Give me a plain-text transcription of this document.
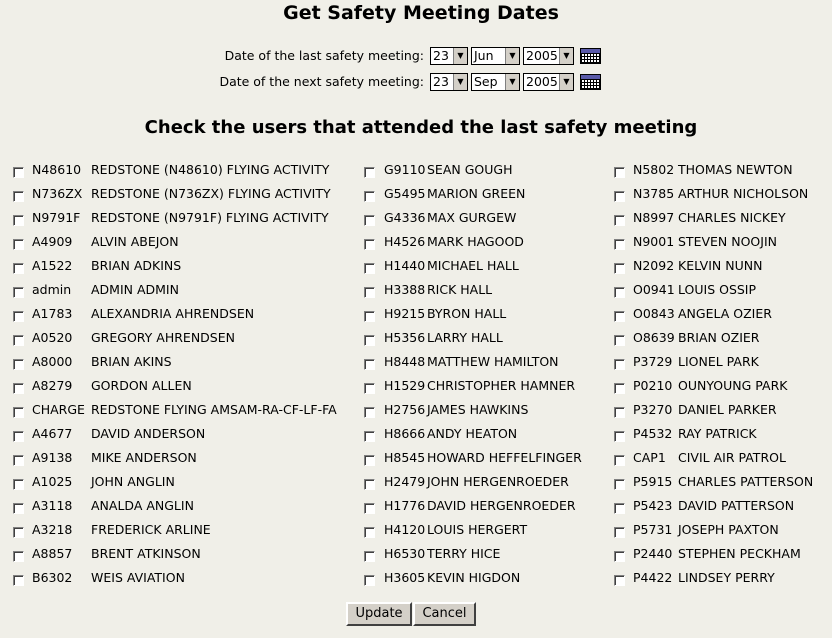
Get Safety Meeting Dates
Date of the last safety meeting: 23	▼ Jun	▼ 2005 ▼
Date of the next safety meeting: 23	▼ Sep	▼ 2005 ▼
Check the users that attended the last safety meeting
N48610 REDSTONE (N48610) FLYING ACTIVITY
N736ZX REDSTONE (N736ZX) FLYING ACTIVITY
N9791F REDSTONE (N9791F) FLYING ACTIVITY
A4909 ALVIN ABEJON
A1522 BRIAN ADKINS
admin ADMIN ADMIN
A1783 ALEXANDRIA AHRENDSEN
A0520 GREGORY AHRENDSEN
A8000 BRIAN AKINS
A8279 GORDON ALLEN
CHARGE REDSTONE FLYING AMSAM-RA-CF-LF-FA
A4677 DAVID ANDERSON
A9138 MIKE ANDERSON
A1025 JOHN ANGLIN
A3118 ANALDA ANGLIN
A3218 FREDERICK ARLINE
A8857 BRENT ATKINSON
B6302 WEIS AVIATION
G9110 SEAN GOUGH
G5495 MARION GREEN
G4336 MAX GURGEW
H4526 MARK HAGOOD
H1440 MICHAEL HALL
H3388 RICK HALL
H9215 BYRON HALL
H5356 LARRY HALL
H8448 MATTHEW HAMILTON
H1529 CHRISTOPHER HAMNER
H2756 JAMES HAWKINS
H8666 ANDY HEATON
H8545 HOWARD HEFFELFINGER
H2479 JOHN HERGENROEDER
H1776 DAVID HERGENROEDER
H4120 LOUIS HERGERT
H6530 TERRY HICE
H3605 KEVIN HIGDON
N5802 THOMAS NEWTON
N3785 ARTHUR NICHOLSON
N8997 CHARLES NICKEY
N9001 STEVEN NOOJIN
N2092 KELVIN NUNN
O0941 LOUIS OSSIP
O0843 ANGELA OZIER
O8639 BRIAN OZIER
P3729 LIONEL PARK
P0210 OUNYOUNG PARK
P3270 DANIEL PARKER
P4532 RAY PATRICK
CAP1 CIVIL AIR PATROL
P5915 CHARLES PATTERSON
P5423 DAVID PATTERSON
P5731 JOSEPH PAXTON
P2440 STEPHEN PECKHAM
P4422 LINDSEY PERRY
Update	Cancel
